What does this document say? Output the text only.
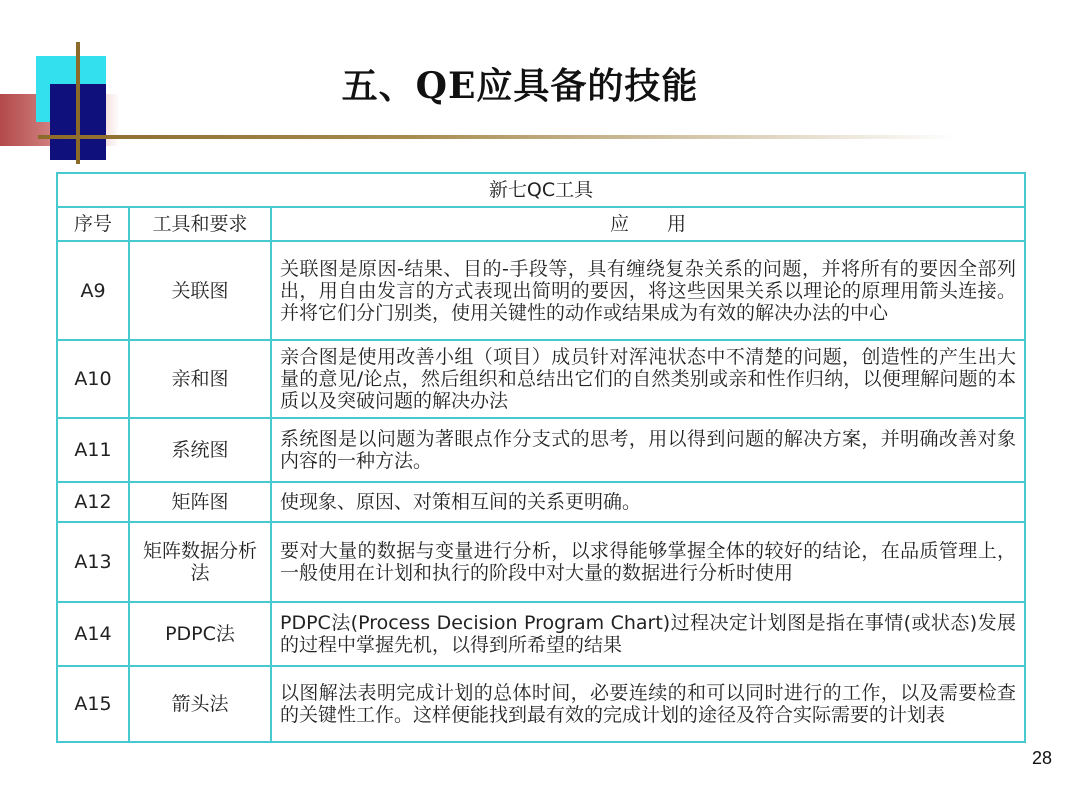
五、QE应具备的技能
新七QC工具		
序号	工具和要求	应　　用
A9	关联图	关联图是原因-结果、目的-手段等，具有缠绕复杂关系的问题，并将所有的要因全部列出，用自由发言的方式表现出简明的要因，将这些因果关系以理论的原理用箭头连接。并将它们分门别类，使用关键性的动作或结果成为有效的解决办法的中心
A10	亲和图	亲合图是使用改善小组（项目）成员针对浑沌状态中不清楚的问题，创造性的产生出大量的意见/论点，然后组织和总结出它们的自然类别或亲和性作归纳，以便理解问题的本质以及突破问题的解决办法
A11	系统图	系统图是以问题为著眼点作分支式的思考，用以得到问题的解决方案，并明确改善对象内容的一种方法。
A12	矩阵图	使现象、原因、对策相互间的关系更明确。
A13	矩阵数据分析法	要对大量的数据与变量进行分析，以求得能够掌握全体的较好的结论，在品质管理上，一般使用在计划和执行的阶段中对大量的数据进行分析时使用
A14	PDPC法	PDPC法(Process Decision Program Chart)过程决定计划图是指在事情(或状态)发展的过程中掌握先机，以得到所希望的结果
A15	箭头法	以图解法表明完成计划的总体时间，必要连续的和可以同时进行的工作，以及需要检查的关键性工作。这样便能找到最有效的完成计划的途径及符合实际需要的计划表
28
